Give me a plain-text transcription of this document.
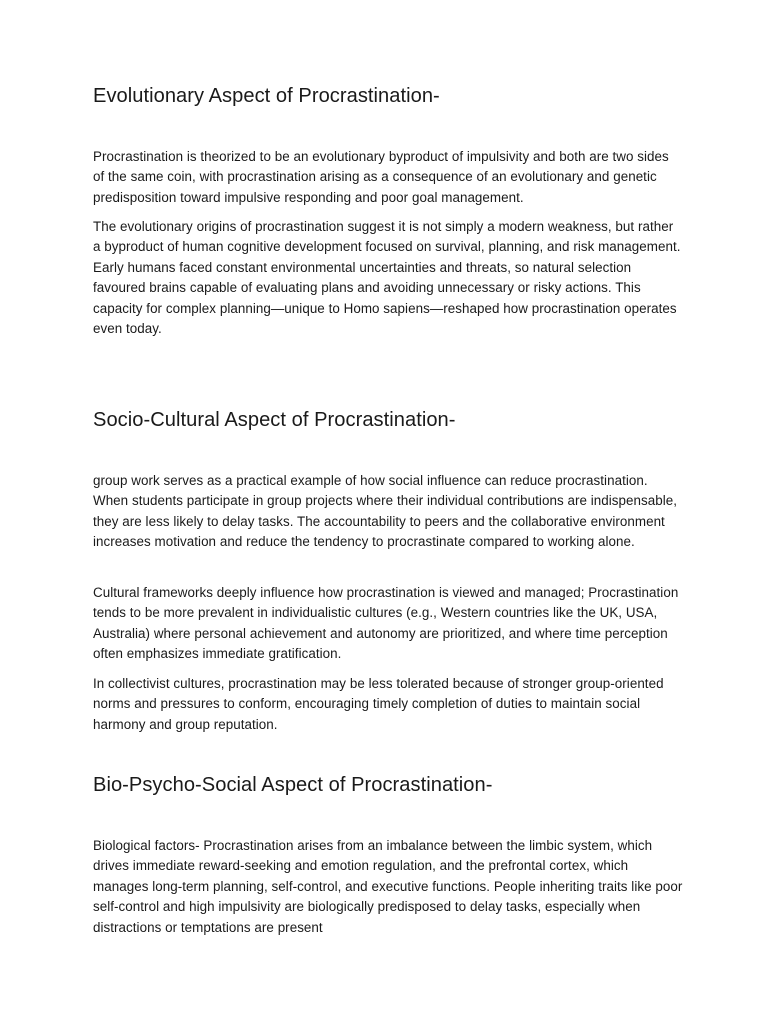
Evolutionary Aspect of Procrastination-

Procrastination is theorized to be an evolutionary byproduct of impulsivity and both are two sides of the same coin, with procrastination arising as a consequence of an evolutionary and genetic predisposition toward impulsive responding and poor goal management.

The evolutionary origins of procrastination suggest it is not simply a modern weakness, but rather a byproduct of human cognitive development focused on survival, planning, and risk management. Early humans faced constant environmental uncertainties and threats, so natural selection favoured brains capable of evaluating plans and avoiding unnecessary or risky actions. This capacity for complex planning—unique to Homo sapiens—reshaped how procrastination operates even today.

Socio-Cultural Aspect of Procrastination-

group work serves as a practical example of how social influence can reduce procrastination. When students participate in group projects where their individual contributions are indispensable, they are less likely to delay tasks. The accountability to peers and the collaborative environment increases motivation and reduce the tendency to procrastinate compared to working alone.

Cultural frameworks deeply influence how procrastination is viewed and managed; Procrastination tends to be more prevalent in individualistic cultures (e.g., Western countries like the UK, USA, Australia) where personal achievement and autonomy are prioritized, and where time perception often emphasizes immediate gratification.

In collectivist cultures, procrastination may be less tolerated because of stronger group-oriented norms and pressures to conform, encouraging timely completion of duties to maintain social harmony and group reputation.

Bio-Psycho-Social Aspect of Procrastination-

Biological factors- Procrastination arises from an imbalance between the limbic system, which drives immediate reward-seeking and emotion regulation, and the prefrontal cortex, which manages long-term planning, self-control, and executive functions. People inheriting traits like poor self-control and high impulsivity are biologically predisposed to delay tasks, especially when distractions or temptations are present
